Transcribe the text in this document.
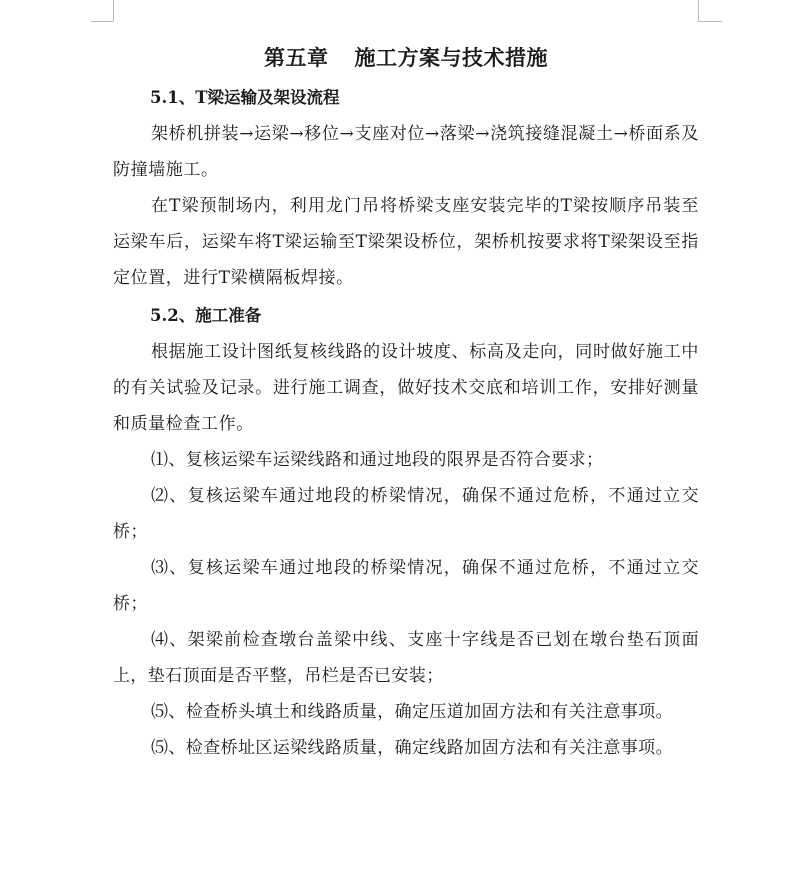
第五章 施工方案与技术措施
5.1、T梁运输及架设流程

架桥机拼装→运梁→移位→支座对位→落梁→浇筑接缝混凝土→桥面系及防撞墙施工。

在T梁预制场内，利用龙门吊将桥梁支座安装完毕的T梁按顺序吊装至运梁车后，运梁车将T梁运输至T梁架设桥位，架桥机按要求将T梁架设至指定位置，进行T梁横隔板焊接。

5.2、施工准备

根据施工设计图纸复核线路的设计坡度、标高及走向，同时做好施工中的有关试验及记录。进行施工调查，做好技术交底和培训工作，安排好测量和质量检查工作。

⑴、复核运梁车运梁线路和通过地段的限界是否符合要求；

⑵、复核运梁车通过地段的桥梁情况，确保不通过危桥，不通过立交桥；

⑶、复核运梁车通过地段的桥梁情况，确保不通过危桥，不通过立交桥；

⑷、架梁前检查墩台盖梁中线、支座十字线是否已划在墩台垫石顶面上，垫石顶面是否平整，吊栏是否已安装；

⑸、检查桥头填土和线路质量，确定压道加固方法和有关注意事项。

⑸、检查桥址区运梁线路质量，确定线路加固方法和有关注意事项。
